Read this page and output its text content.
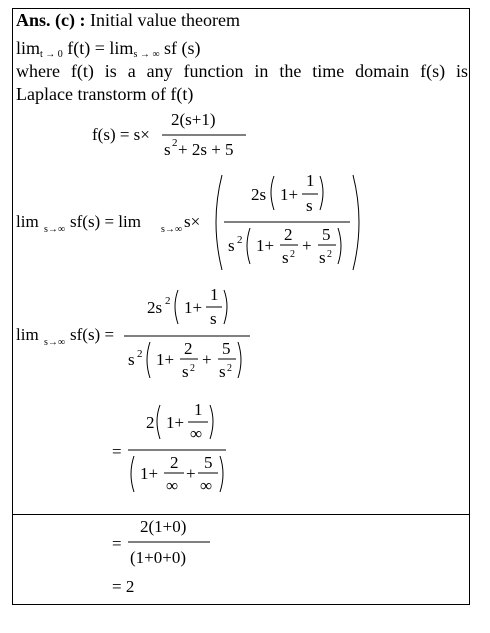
Ans. (c) : Initial value theorem
$\lim_{t \to 0} f(t) = \lim_{s \to \infty}$ sf (s)
where f(t) is a any function in the time domain f(s) is
Laplace transtorm of f(t)
f(s) = s×
2(s+1)
s 2 + 2s + 5
lim s→∞ sf(s) = lim s→∞ s×
2s 1+
1
s
s 2 1+
2
s 2 +
5
s 2
lim s→∞ sf(s) =
2s 2 1+
1
s
s 2 1+
2
s 2 +
5
s 2
=
2 1+
1
∞
1+
2
∞
+
5
∞
=
2(1+0)
(1+0+0)
= 2
